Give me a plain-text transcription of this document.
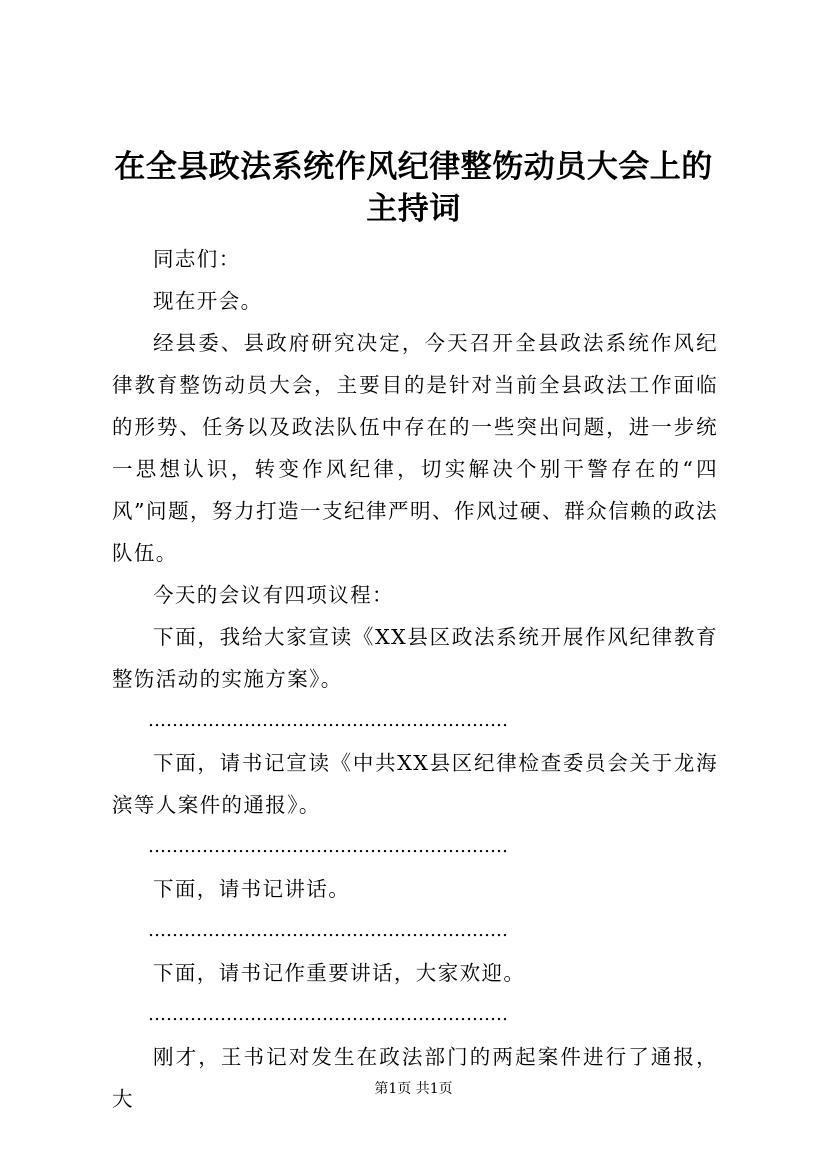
在全县政法系统作风纪律整饬动员大会上的主持词

同志们：

现在开会。

经县委、县政府研究决定，今天召开全县政法系统作风纪律教育整饬动员大会，主要目的是针对当前全县政法工作面临的形势、任务以及政法队伍中存在的一些突出问题，进一步统一思想认识，转变作风纪律，切实解决个别干警存在的“四风”问题，努力打造一支纪律严明、作风过硬、群众信赖的政法队伍。

今天的会议有四项议程：

下面，我给大家宣读《XX县区政法系统开展作风纪律教育整饬活动的实施方案》。

……………………………………………………

下面，请书记宣读《中共XX县区纪律检查委员会关于龙海滨等人案件的通报》。

……………………………………………………

下面，请书记讲话。

……………………………………………………

下面，请书记作重要讲话，大家欢迎。

……………………………………………………

刚才，王书记对发生在政法部门的两起案件进行了通报，大	第1页 共1页
